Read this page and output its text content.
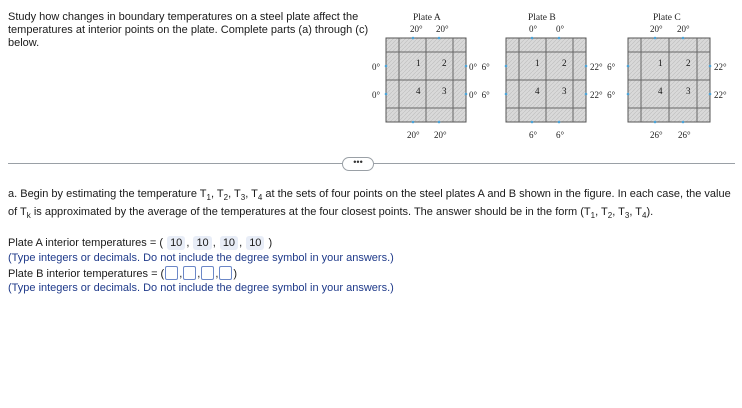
Study how changes in boundary temperatures on a steel plate affect the temperatures at interior points on the plate. Complete parts (a) through (c) below.
Plate A
20° 20°
1 2
4 3
0°
0°
0°  6°
0°  6°
20° 20°
Plate B
0° 0°
1	2
4	3
22°  6°
22°  6°
6° 6°
Plate C
20° 20°
1	2
4	3
22°
22°
26° 26°
•••
a. Begin by estimating the temperature $T_1$, $T_2$, $T_3$, $T_4$ at the sets of four points on the steel plates A and B shown in the figure. In each case, the value of $T_k$ is approximated by the average of the temperatures at the four closest points. The answer should be in the form ($T_1$, $T_2$, $T_3$, $T_4$).
Plate A interior temperatures = ( 10 , 10 , 10 , 10 )
(Type integers or decimals. Do not include the degree symbol in your answers.)
Plate B interior temperatures = ( , , , )
(Type integers or decimals. Do not include the degree symbol in your answers.)
